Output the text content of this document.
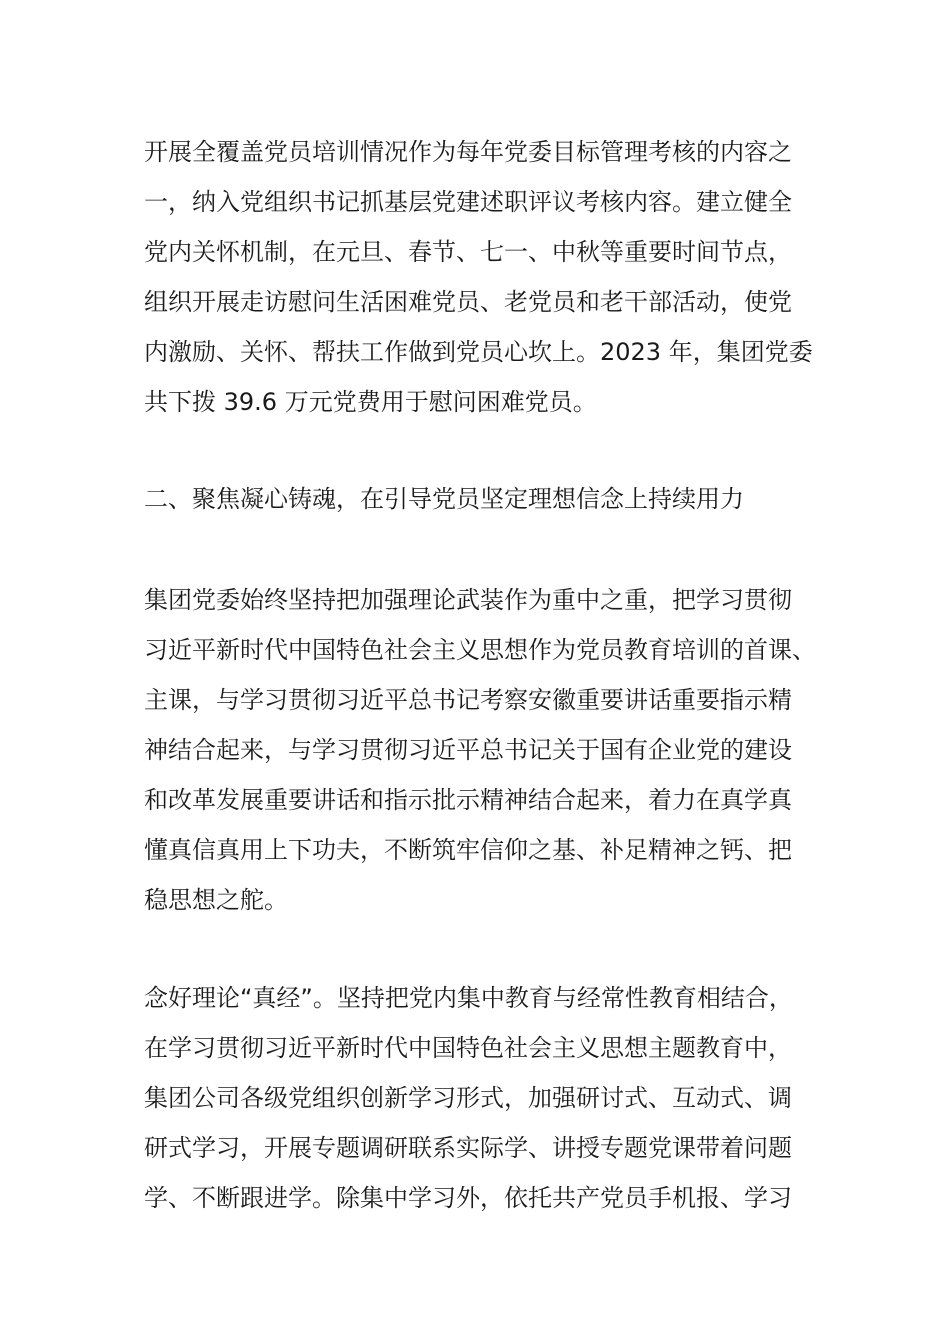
开展全覆盖党员培训情况作为每年党委目标管理考核的内容之
一，纳入党组织书记抓基层党建述职评议考核内容。建立健全
党内关怀机制，在元旦、春节、七一、中秋等重要时间节点，
组织开展走访慰问生活困难党员、老党员和老干部活动，使党
内激励、关怀、帮扶工作做到党员心坎上。2023 年，集团党委
共下拨 39.6 万元党费用于慰问困难党员。
二、聚焦凝心铸魂，在引导党员坚定理想信念上持续用力
集团党委始终坚持把加强理论武装作为重中之重，把学习贯彻
习近平新时代中国特色社会主义思想作为党员教育培训的首课、
主课，与学习贯彻习近平总书记考察安徽重要讲话重要指示精
神结合起来，与学习贯彻习近平总书记关于国有企业党的建设
和改革发展重要讲话和指示批示精神结合起来，着力在真学真
懂真信真用上下功夫，不断筑牢信仰之基、补足精神之钙、把
稳思想之舵。
念好理论“真经”。坚持把党内集中教育与经常性教育相结合，
在学习贯彻习近平新时代中国特色社会主义思想主题教育中，
集团公司各级党组织创新学习形式，加强研讨式、互动式、调
研式学习，开展专题调研联系实际学、讲授专题党课带着问题
学、不断跟进学。除集中学习外，依托共产党员手机报、学习
